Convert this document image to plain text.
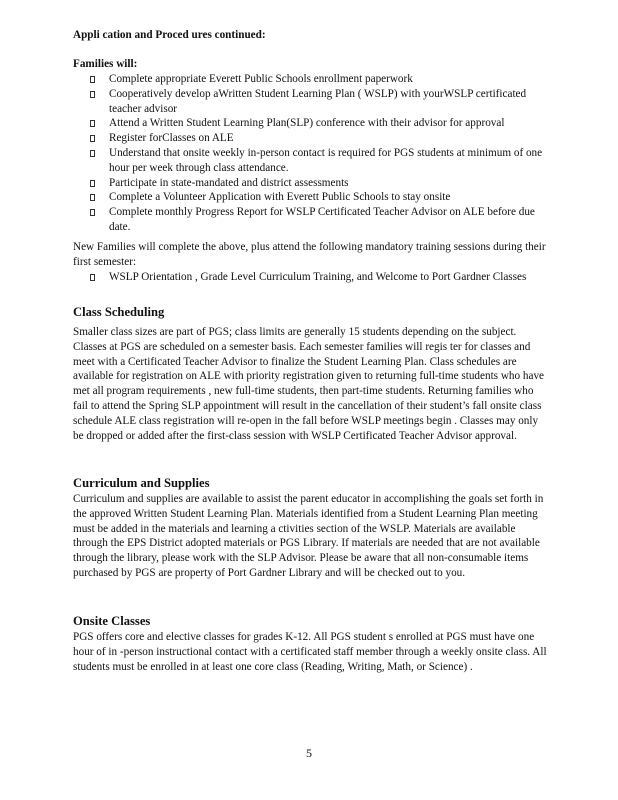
Appli cation and Proced ures continued:
Families will:
Complete appropriate Everett Public Schools enrollment paperwork
Cooperatively develop aWritten Student Learning Plan ( WSLP) with yourWSLP certificated teacher advisor
Attend a Written Student Learning Plan(SLP) conference with their advisor for approval
Register forClasses on ALE
Understand that onsite weekly in-person contact is required for PGS students at minimum of one hour per week through class attendance.
Participate in state-mandated and district assessments
Complete a Volunteer Application with Everett Public Schools to stay onsite
Complete monthly Progress Report for WSLP Certificated Teacher Advisor on ALE before due date.
New Families will complete the above, plus attend the following mandatory training sessions during their first semester:
WSLP Orientation , Grade Level Curriculum Training, and Welcome to Port Gardner Classes
Class Scheduling
Smaller class sizes are part of PGS; class limits are generally 15 students depending on the subject. Classes at PGS are scheduled on a semester basis. Each semester families will regis ter for classes and meet with a Certificated Teacher Advisor to finalize the Student Learning Plan. Class schedules are available for registration on ALE with priority registration given to returning full-time students who have met all program requirements , new full-time students, then part-time students. Returning families who fail to attend the Spring SLP appointment will result in the cancellation of their student’s fall onsite class schedule ALE class registration will re-open in the fall before WSLP meetings begin . Classes may only be dropped or added after the first-class session with WSLP Certificated Teacher Advisor approval.
Curriculum and Supplies
Curriculum and supplies are available to assist the parent educator in accomplishing the goals set forth in the approved Written Student Learning Plan. Materials identified from a Student Learning Plan meeting must be added in the materials and learning a ctivities section of the WSLP. Materials are available through the EPS District adopted materials or PGS Library. If materials are needed that are not available through the library, please work with the SLP Advisor. Please be aware that all non-consumable items purchased by PGS are property of Port Gardner Library and will be checked out to you.
Onsite Classes
PGS offers core and elective classes for grades K-12. All PGS student s enrolled at PGS must have one hour of in -person instructional contact with a certificated staff member through a weekly onsite class. All students must be enrolled in at least one core class (Reading, Writing, Math, or Science) .
5
